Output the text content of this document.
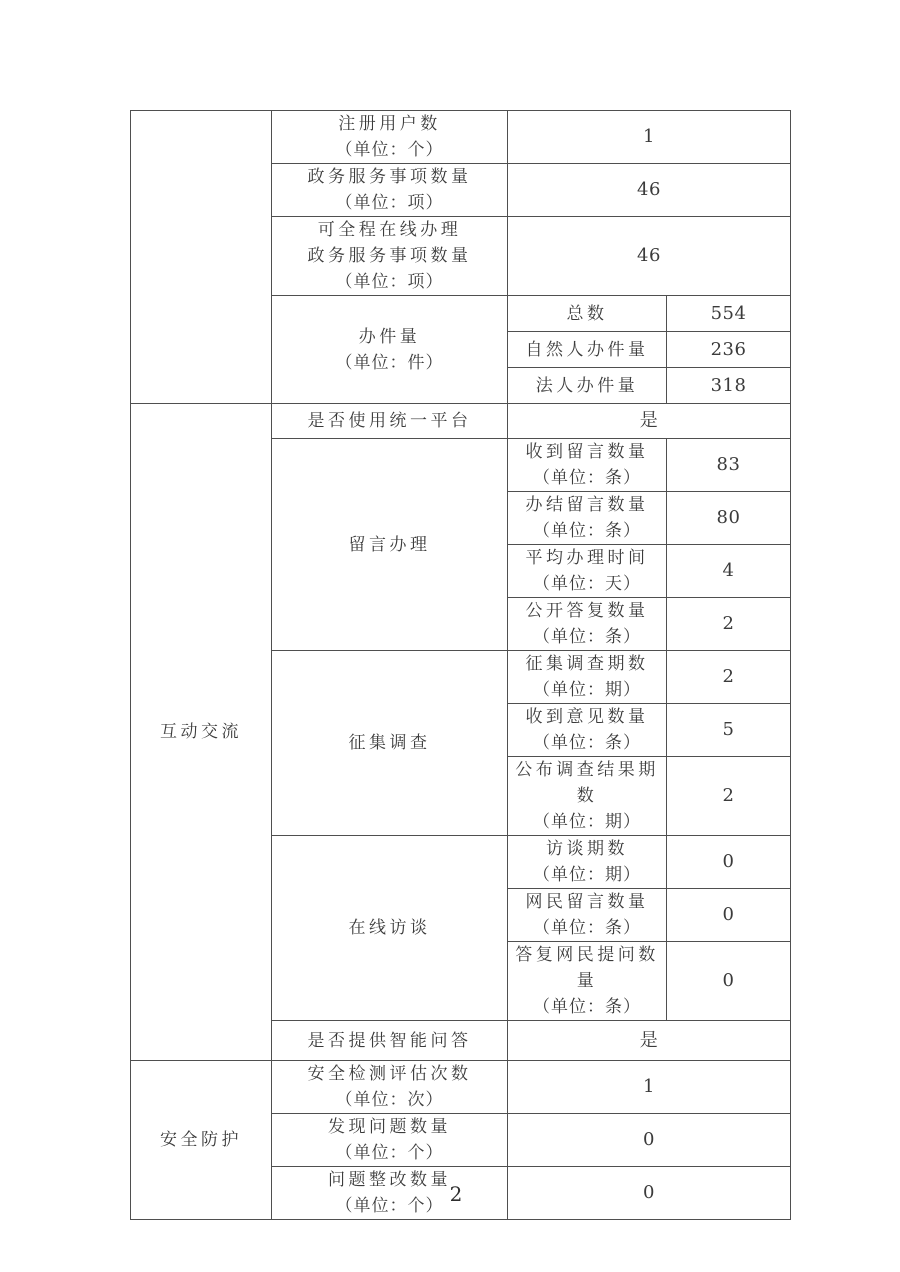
	注册用户数
（单位：个）	1	

	政务服务事项数量
（单位：项）	46	

	可全程在线办理
政务服务事项数量
（单位：项）	46	

	办件量
（单位：件）	总数	554
		自然人办件量	236
		法人办件量	318
互动交流	是否使用统一平台	是	
	留言办理	收到留言数量
（单位：条）	83

		办结留言数量
（单位：条）	80

		平均办理时间
（单位：天）	4

		公开答复数量
（单位：条）	2
	征集调查	征集调查期数
（单位：期）	2

		收到意见数量
（单位：条）	5

		公布调查结果期数
（单位：期）	2
	在线访谈	访谈期数
（单位：期）	0

		网民留言数量
（单位：条）	0

		答复网民提问数量
（单位：条）	0
	是否提供智能问答	是	
安全防护	安全检测评估次数
（单位：次）	1	

	发现问题数量
（单位：个）	0	

	问题整改数量
（单位：个）	0	
2
